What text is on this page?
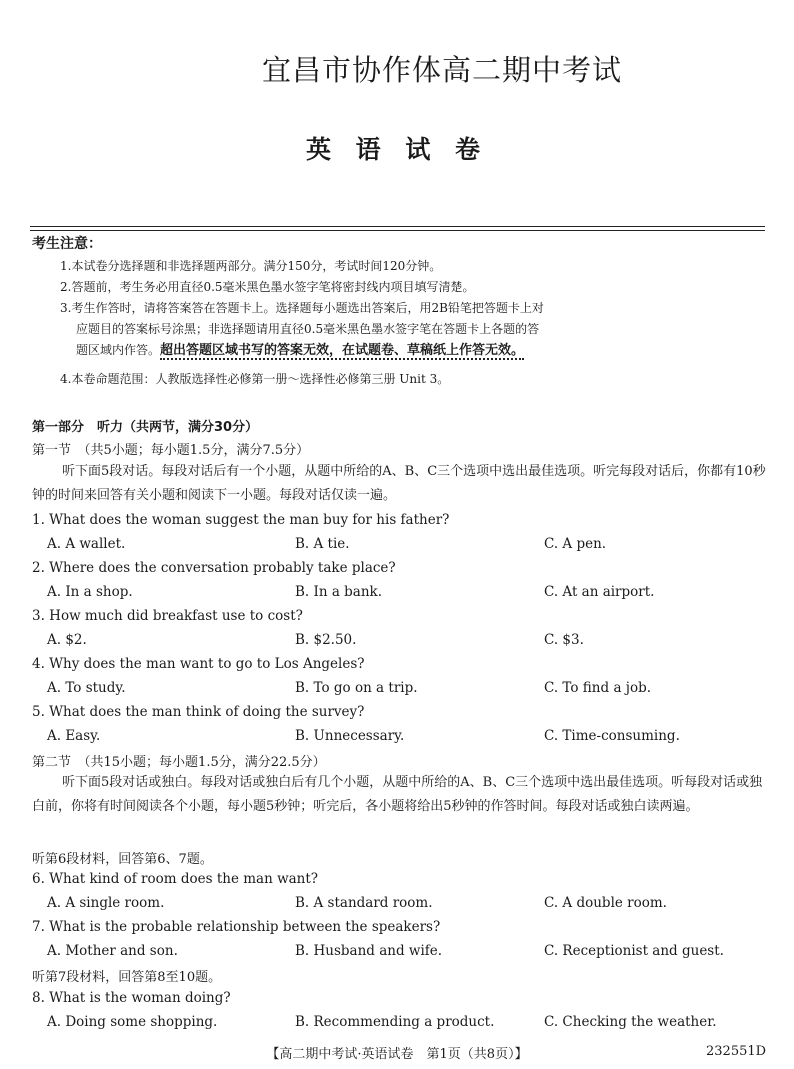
宜昌市协作体高二期中考试
英 语 试 卷
考生注意：
1.本试卷分选择题和非选择题两部分。满分150分，考试时间120分钟。
2.答题前，考生务必用直径0.5毫米黑色墨水签字笔将密封线内项目填写清楚。
3.考生作答时，请将答案答在答题卡上。选择题每小题选出答案后，用2B铅笔把答题卡上对
应题目的答案标号涂黑；非选择题请用直径0.5毫米黑色墨水签字笔在答题卡上各题的答
题区域内作答。超出答题区域书写的答案无效，在试题卷、草稿纸上作答无效。
4.本卷命题范围：人教版选择性必修第一册～选择性必修第三册 Unit 3。
第一部分　听力（共两节，满分30分）
第一节　（共5小题；每小题1.5分，满分7.5分）
听下面5段对话。每段对话后有一个小题，从题中所给的A、B、C三个选项中选出最佳选项。听完每段对话后，你都有10秒钟的时间来回答有关小题和阅读下一小题。每段对话仅读一遍。
1. What does the woman suggest the man buy for his father?
A. A wallet.	B. A tie.	C. A pen.
2. Where does the conversation probably take place?
A. In a shop.	B. In a bank.	C. At an airport.
3. How much did breakfast use to cost?
A. $2.	B. $2.50.	C. $3.
4. Why does the man want to go to Los Angeles?
A. To study.	B. To go on a trip.	C. To find a job.
5. What does the man think of doing the survey?
A. Easy.	B. Unnecessary.	C. Time-consuming.
第二节　（共15小题；每小题1.5分，满分22.5分）
听下面5段对话或独白。每段对话或独白后有几个小题，从题中所给的A、B、C三个选项中选出最佳选项。听每段对话或独白前，你将有时间阅读各个小题，每小题5秒钟；听完后，各小题将给出5秒钟的作答时间。每段对话或独白读两遍。
听第6段材料，回答第6、7题。
6. What kind of room does the man want?
A. A single room.	B. A standard room.	C. A double room.
7. What is the probable relationship between the speakers?
A. Mother and son.	B. Husband and wife.	C. Receptionist and guest.
听第7段材料，回答第8至10题。
8. What is the woman doing?
A. Doing some shopping.	B. Recommending a product.	C. Checking the weather.
【高二期中考试·英语试卷　第1页（共8页）】	232551D
